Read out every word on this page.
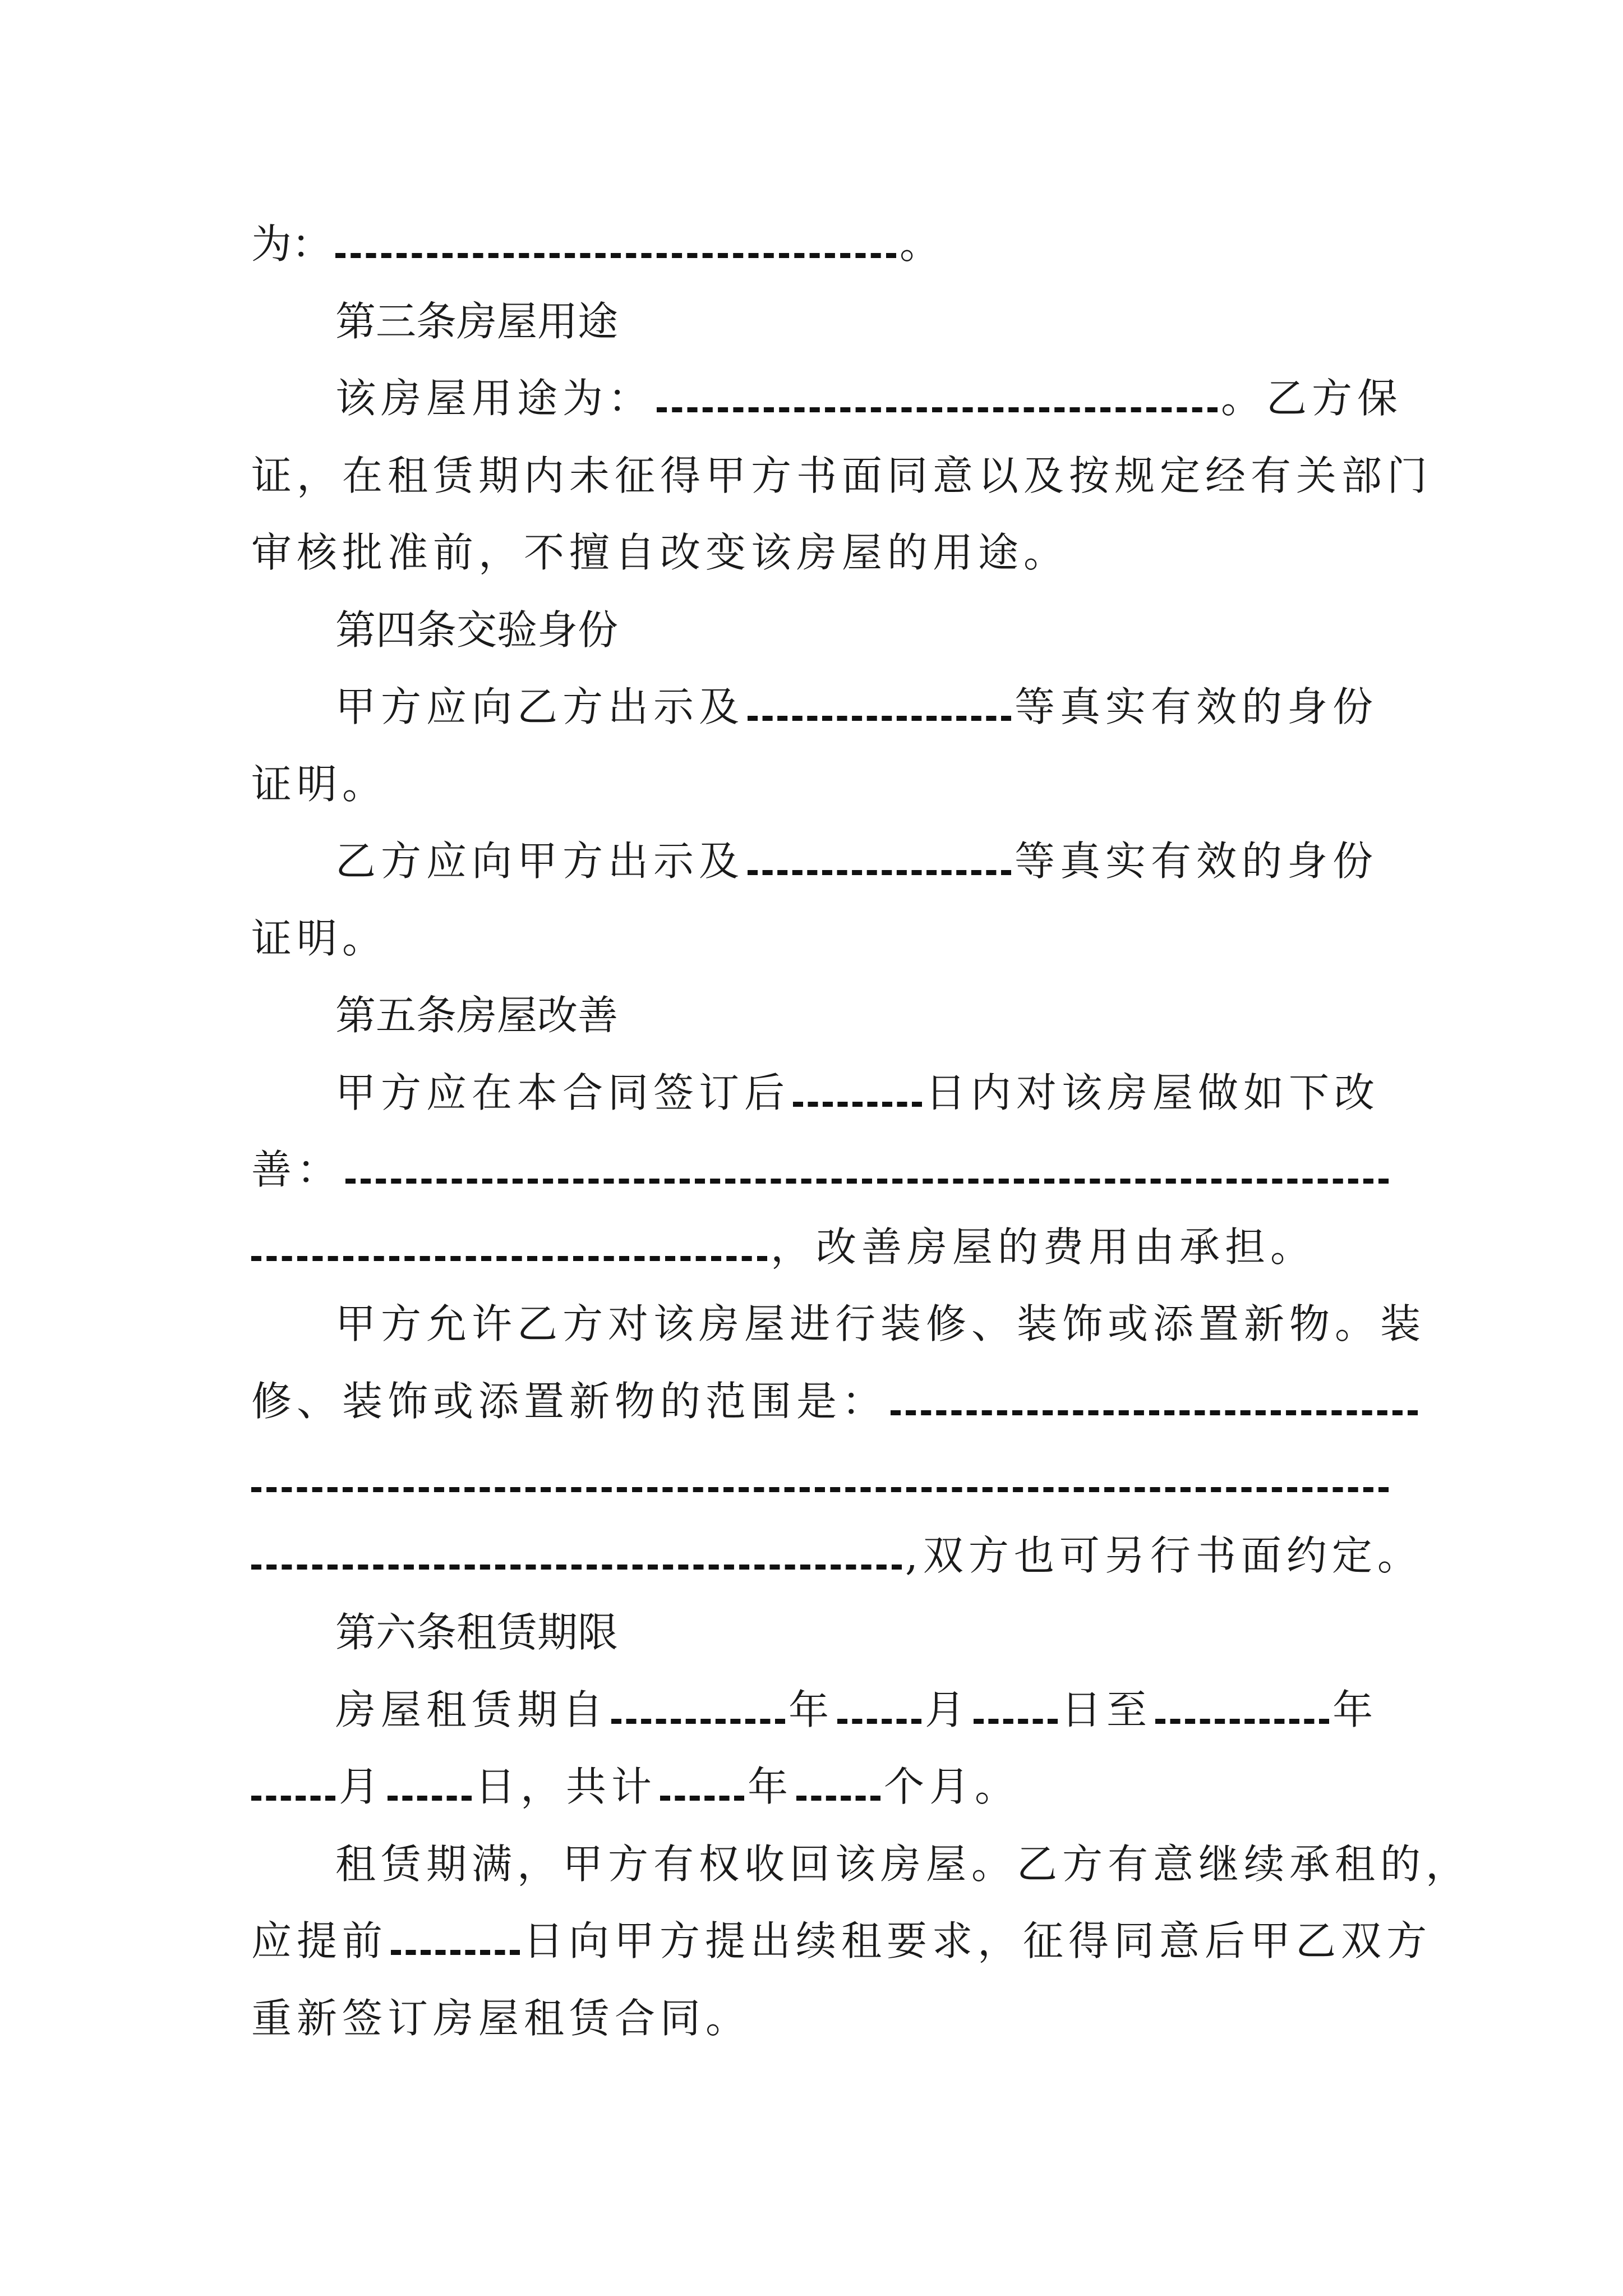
为：	。
第三条房屋用途
该房屋用途为：	。乙方保
证，在租赁期内未征得甲方书面同意以及按规定经有关部门
审核批准前，不擅自改变该房屋的用途。
第四条交验身份
甲方应向乙方出示及	等真实有效的身份
证明。
乙方应向甲方出示及	等真实有效的身份
证明。
第五条房屋改善
甲方应在本合同签订后	日内对该房屋做如下改
善：
，改善房屋的费用由承担。
甲方允许乙方对该房屋进行装修、装饰或添置新物。装
修、装饰或添置新物的范围是：
,双方也可另行书面约定。
第六条租赁期限
房屋租赁期自	年 月 日至	年
月 日，共计 年 个月。
租赁期满，甲方有权收回该房屋。乙方有意继续承租的，
应提前	日向甲方提出续租要求，征得同意后甲乙双方
重新签订房屋租赁合同。
